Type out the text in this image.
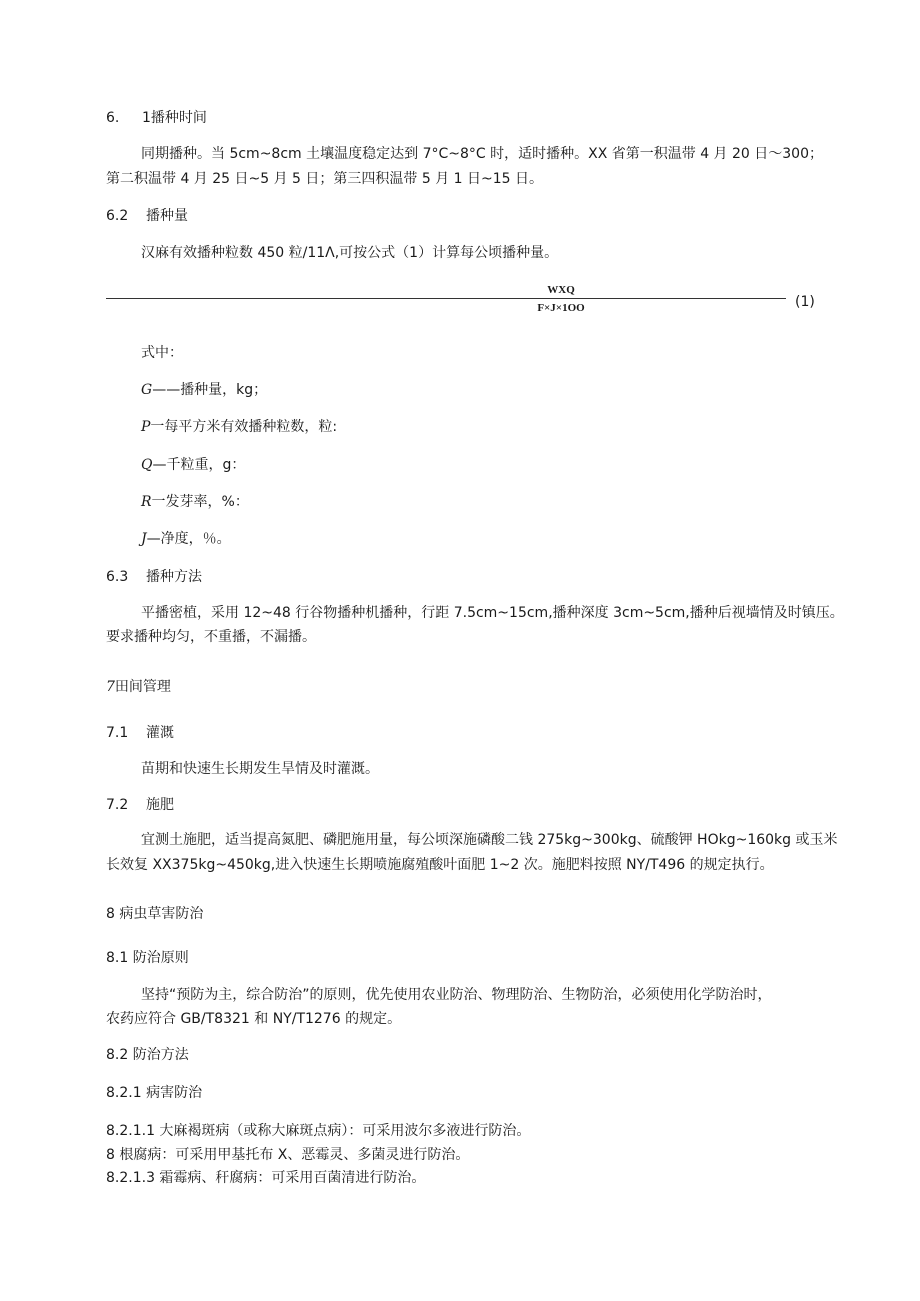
6. 1播种时间
同期播种。当 5cm~8cm 土壤温度稳定达到 7°C~8°C 时，适时播种。XX 省第一积温带 4 月 20 日～300；
第二积温带 4 月 25 日~5 月 5 日；第三四积温带 5 月 1 日~15 日。
6.2 播种量
汉麻有效播种粒数 450 粒/11Λ,可按公式（1）计算每公顷播种量。
WXQ
F×J×1OO	(1)
式中：
G——播种量，kg；
P一每平方米有效播种粒数，粒:
Q—千粒重，g：
R一发芽率，%：
J—净度，％。
6.3 播种方法
平播密植，采用 12~48 行谷物播种机播种，行距 7.5cm~15cm,播种深度 3cm~5cm,播种后视墙情及时镇压。
要求播种均匀，不重播，不漏播。
7田间管理
7.1 灌溉
苗期和快速生长期发生旱情及时灌溉。
7.2 施肥
宜测土施肥，适当提高氮肥、磷肥施用量，每公顷深施磷酸二钱 275kg~300kg、硫酸钾 HOkg~160kg 或玉米
长效复 XX375kg~450kg,进入快速生长期喷施腐殖酸叶面肥 1~2 次。施肥料按照 NY/T496 的规定执行。
8 病虫草害防治
8.1 防治原则
坚持“预防为主，综合防治”的原则，优先使用农业防治、物理防治、生物防治，必须使用化学防治时，
农药应符合 GB/T8321 和 NY/T1276 的规定。
8.2 防治方法
8.2.1 病害防治
8.2.1.1 大麻褐斑病（或称大麻斑点病）：可采用波尔多液进行防治。
8 根腐病：可采用甲基托布 X、恶霉灵、多菌灵进行防治。
8.2.1.3 霜霉病、秆腐病：可采用百菌清进行防治。
